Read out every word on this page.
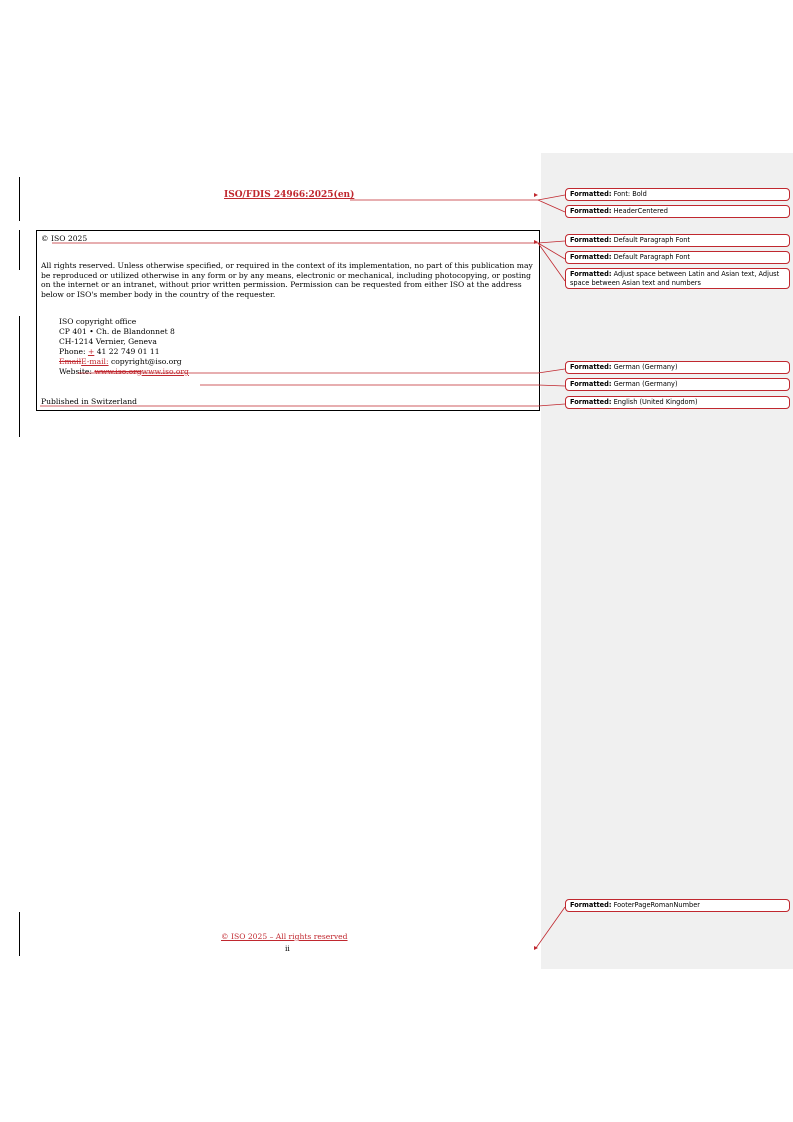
ISO/FDIS 24966:2025(en)
© ISO 2025
All rights reserved. Unless otherwise specified, or required in the context of its implementation, no part of this publication may be reproduced or utilized otherwise in any form or by any means, electronic or mechanical, including photocopying, or posting on the internet or an intranet, without prior written permission. Permission can be requested from either ISO at the address below or ISO's member body in the country of the requester.
ISO copyright office
CP 401 • Ch. de Blandonnet 8
CH-1214 Vernier, Geneva
Phone: + 41 22 749 01 11
EmailE-mail: copyright@iso.org
Website: www.iso.orgwww.iso.org
Published in Switzerland
© ISO 2025 – All rights reserved
ii
Formatted: Font: Bold
Formatted: HeaderCentered
Formatted: Default Paragraph Font
Formatted: Default Paragraph Font
Formatted: Adjust space between Latin and Asian text, Adjust space between Asian text and numbers
Formatted: German (Germany)
Formatted: German (Germany)
Formatted: English (United Kingdom)
Formatted: FooterPageRomanNumber
